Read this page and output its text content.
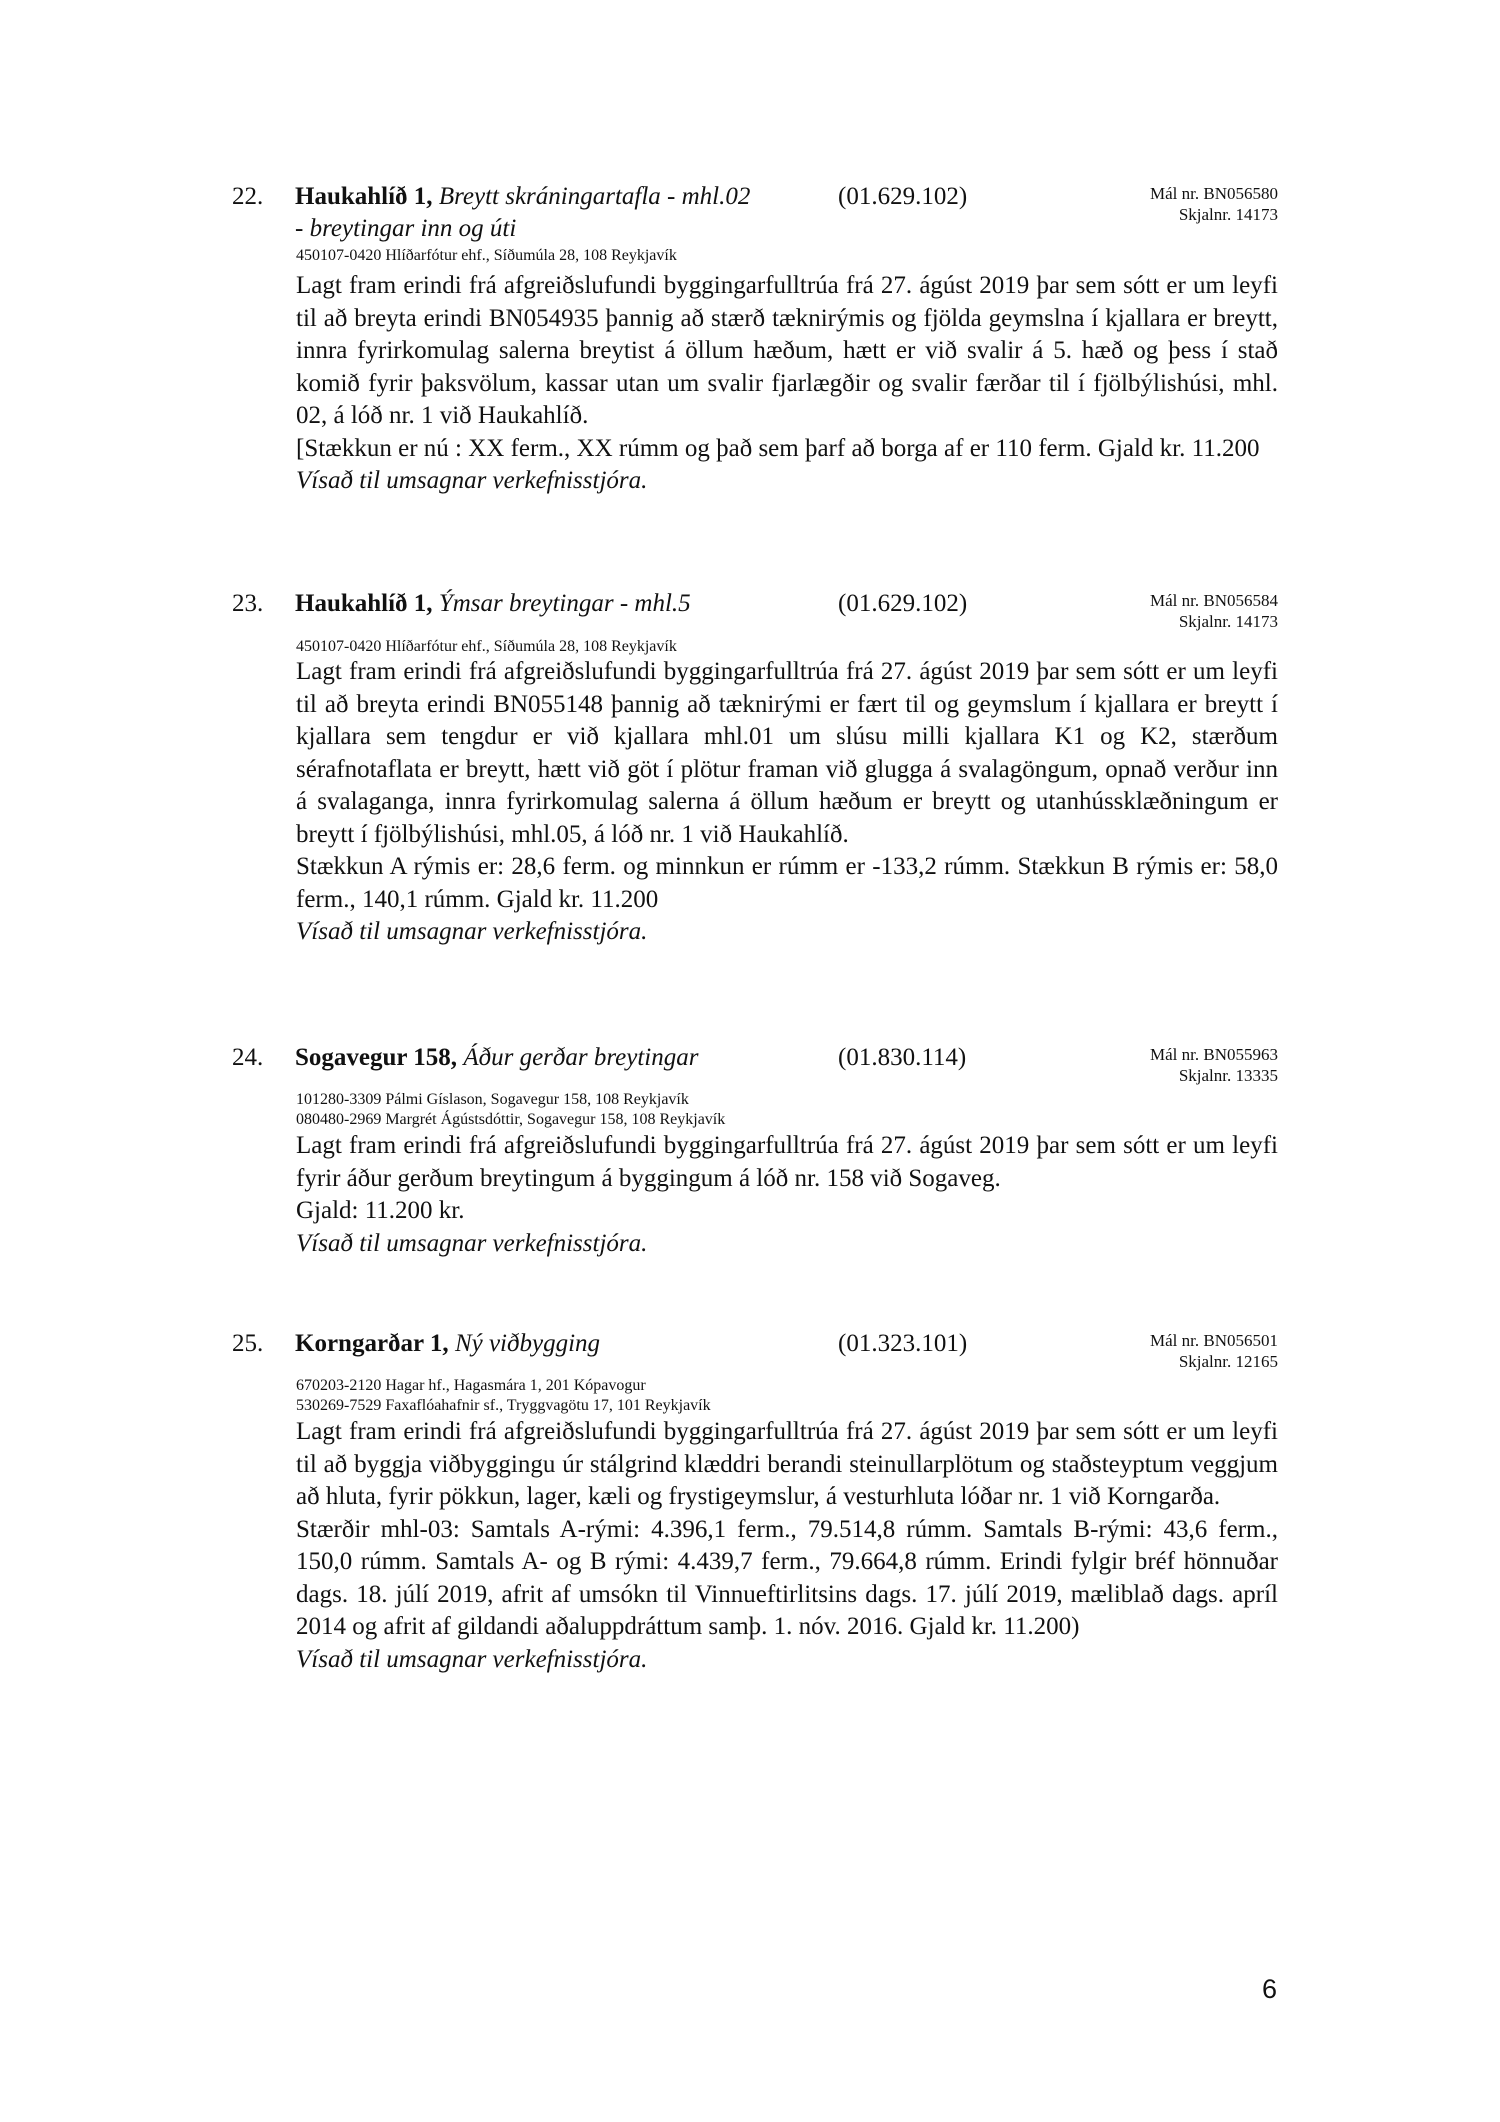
22. Haukahlíð 1, Breytt skráningartafla - mhl.02
- breytingar inn og úti
(01.629.102)	Mál nr. BN056580
Skjalnr. 14173
450107-0420 Hlíðarfótur ehf., Síðumúla 28, 108 Reykjavík

Lagt fram erindi frá afgreiðslufundi byggingarfulltrúa frá 27. ágúst 2019 þar sem sótt er um leyfi til að breyta erindi BN054935 þannig að stærð tæknirýmis og fjölda geymslna í kjallara er breytt, innra fyrirkomulag salerna breytist á öllum hæðum, hætt er við svalir á 5. hæð og þess í stað komið fyrir þaksvölum, kassar utan um svalir fjarlægðir og svalir færðar til í fjölbýlishúsi, mhl. 02, á lóð nr. 1 við Haukahlíð.

[Stækkun er nú : XX ferm., XX rúmm og það sem þarf að borga af er 110 ferm. Gjald kr. 11.200

Vísað til umsagnar verkefnisstjóra.

23. Haukahlíð 1, Ýmsar breytingar - mhl.5	(01.629.102)	Mál nr. BN056584
Skjalnr. 14173
450107-0420 Hlíðarfótur ehf., Síðumúla 28, 108 Reykjavík

Lagt fram erindi frá afgreiðslufundi byggingarfulltrúa frá 27. ágúst 2019 þar sem sótt er um leyfi til að breyta erindi BN055148 þannig að tæknirými er fært til og geymslum í kjallara er breytt í kjallara sem tengdur er við kjallara mhl.01 um slúsu milli kjallara K1 og K2, stærðum sérafnotaflata er breytt, hætt við göt í plötur framan við glugga á svalagöngum, opnað verður inn á svalaganga, innra fyrirkomulag salerna á öllum hæðum er breytt og utanhússklæðningum er breytt í fjölbýlishúsi, mhl.05, á lóð nr. 1 við Haukahlíð.

Stækkun A rýmis er: 28,6 ferm. og minnkun er rúmm er -133,2 rúmm. Stækkun B rýmis er: 58,0 ferm., 140,1 rúmm. Gjald kr. 11.200

Vísað til umsagnar verkefnisstjóra.

24. Sogavegur 158, Áður gerðar breytingar	(01.830.114)	Mál nr. BN055963
Skjalnr. 13335
101280-3309 Pálmi Gíslason, Sogavegur 158, 108 Reykjavík
080480-2969 Margrét Ágústsdóttir, Sogavegur 158, 108 Reykjavík

Lagt fram erindi frá afgreiðslufundi byggingarfulltrúa frá 27. ágúst 2019 þar sem sótt er um leyfi fyrir áður gerðum breytingum á byggingum á lóð nr. 158 við Sogaveg.

Gjald: 11.200 kr.

Vísað til umsagnar verkefnisstjóra.

25. Korngarðar 1, Ný viðbygging	(01.323.101)	Mál nr. BN056501
Skjalnr. 12165
670203-2120 Hagar hf., Hagasmára 1, 201 Kópavogur
530269-7529 Faxaflóahafnir sf., Tryggvagötu 17, 101 Reykjavík

Lagt fram erindi frá afgreiðslufundi byggingarfulltrúa frá 27. ágúst 2019 þar sem sótt er um leyfi til að byggja viðbyggingu úr stálgrind klæddri berandi steinullarplötum og staðsteyptum veggjum að hluta, fyrir pökkun, lager, kæli og frystigeymslur, á vesturhluta lóðar nr. 1 við Korngarða.

Stærðir mhl-03: Samtals A-rými: 4.396,1 ferm., 79.514,8 rúmm. Samtals B-rými: 43,6 ferm., 150,0 rúmm. Samtals A- og B rými: 4.439,7 ferm., 79.664,8 rúmm. Erindi fylgir bréf hönnuðar dags. 18. júlí 2019, afrit af umsókn til Vinnueftirlitsins dags. 17. júlí 2019, mæliblað dags. apríl 2014 og afrit af gildandi aðaluppdráttum samþ. 1. nóv. 2016. Gjald kr. 11.200)

Vísað til umsagnar verkefnisstjóra.

6
